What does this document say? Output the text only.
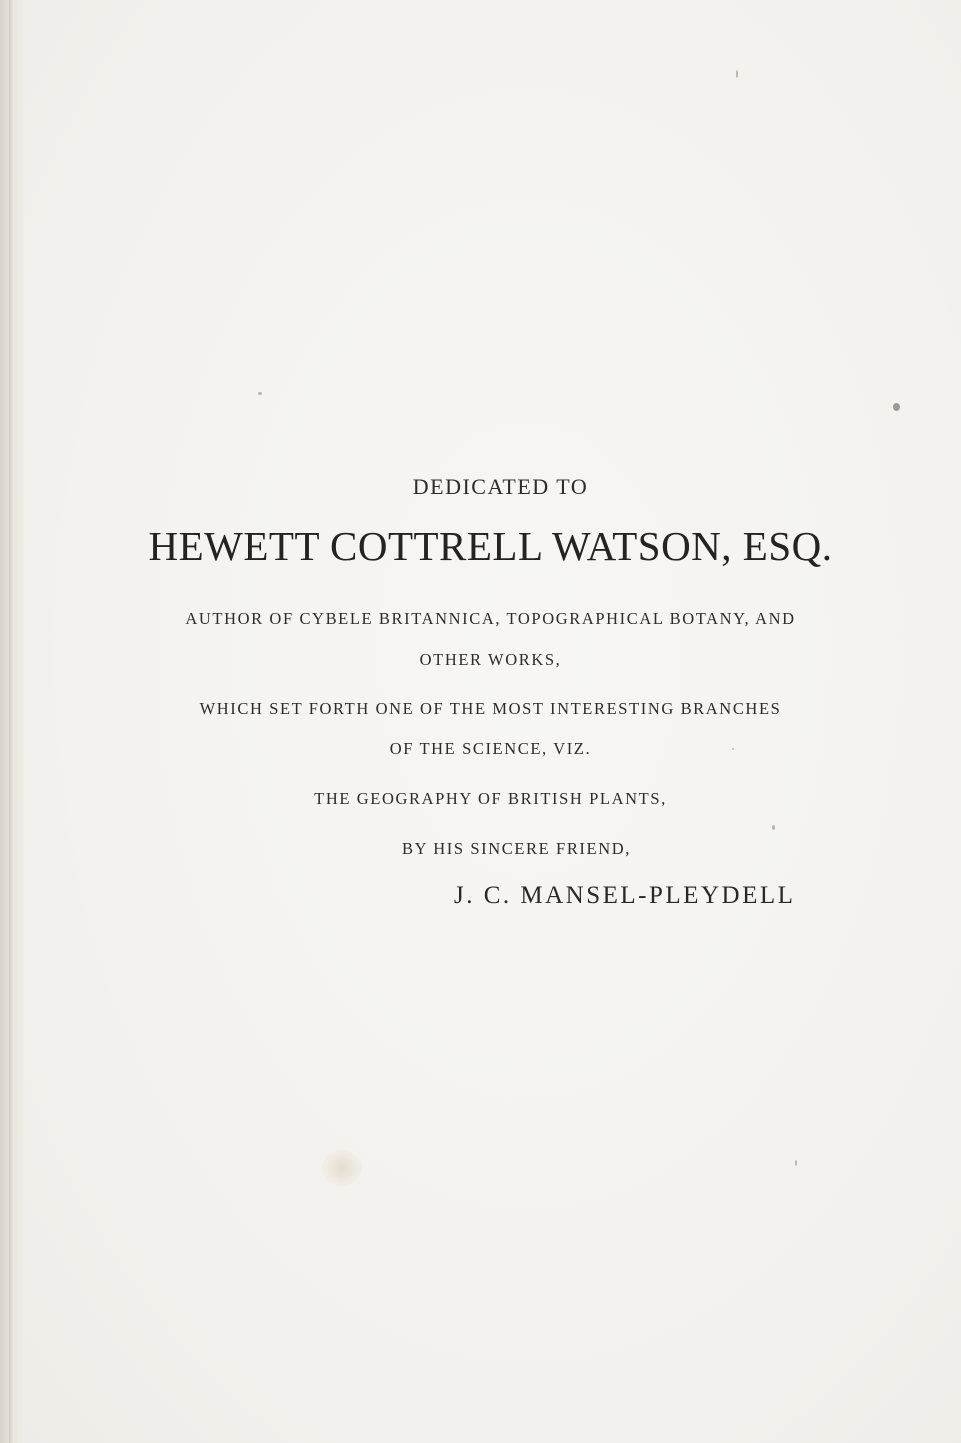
DEDICATED TO
HEWETT COTTRELL WATSON, ESQ.
AUTHOR OF CYBELE BRITANNICA, TOPOGRAPHICAL BOTANY, AND
OTHER WORKS,
WHICH SET FORTH ONE OF THE MOST INTERESTING BRANCHES
OF THE SCIENCE, VIZ.
THE GEOGRAPHY OF BRITISH PLANTS,
BY HIS SINCERE FRIEND,
J. C. MANSEL-PLEYDELL
